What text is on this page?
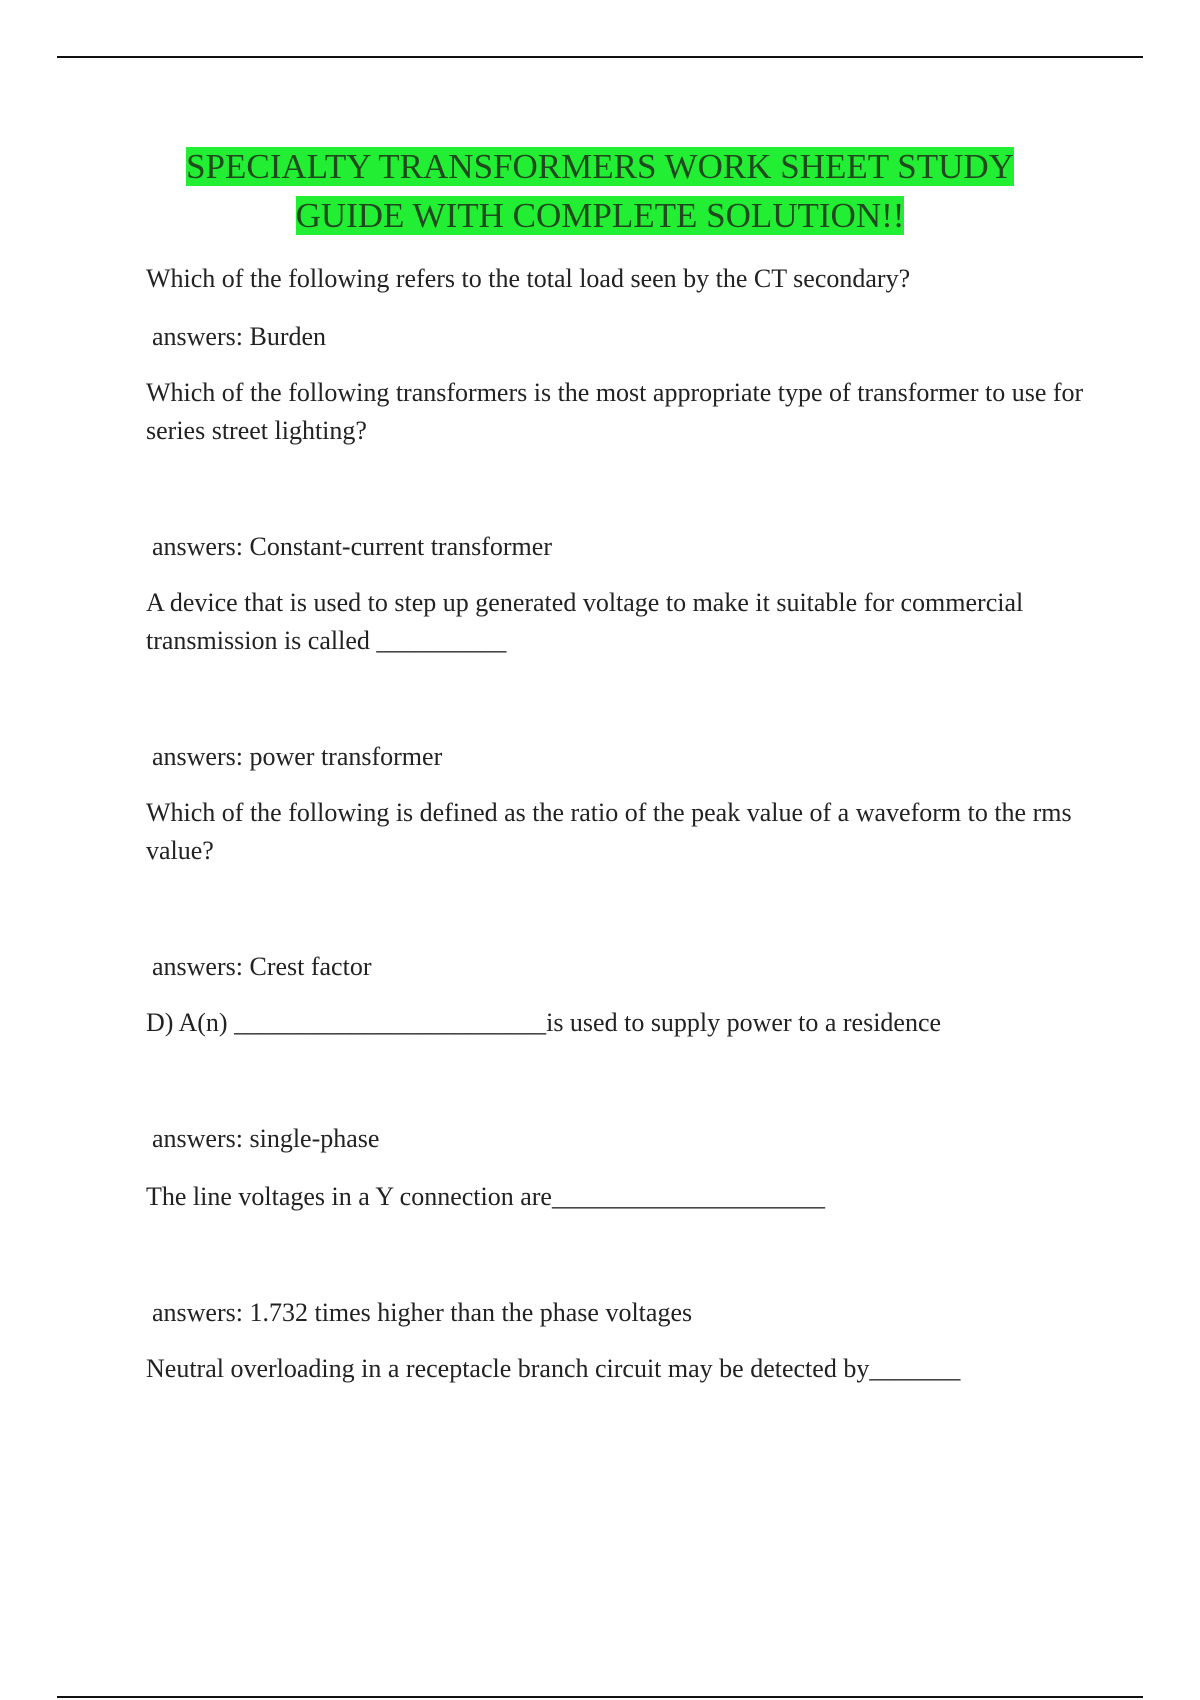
SPECIALTY TRANSFORMERS WORK SHEET STUDY
GUIDE WITH COMPLETE SOLUTION!!
Which of the following refers to the total load seen by the CT secondary?
answers: Burden
Which of the following transformers is the most appropriate type of transformer to use for series street lighting?
answers: Constant-current transformer
A device that is used to step up generated voltage to make it suitable for commercial transmission is called __________
answers: power transformer
Which of the following is defined as the ratio of the peak value of a waveform to the rms value?
answers: Crest factor
D) A(n) ________________________is used to supply power to a residence
answers: single-phase
The line voltages in a Y connection are_____________________
answers: 1.732 times higher than the phase voltages
Neutral overloading in a receptacle branch circuit may be detected by_______
